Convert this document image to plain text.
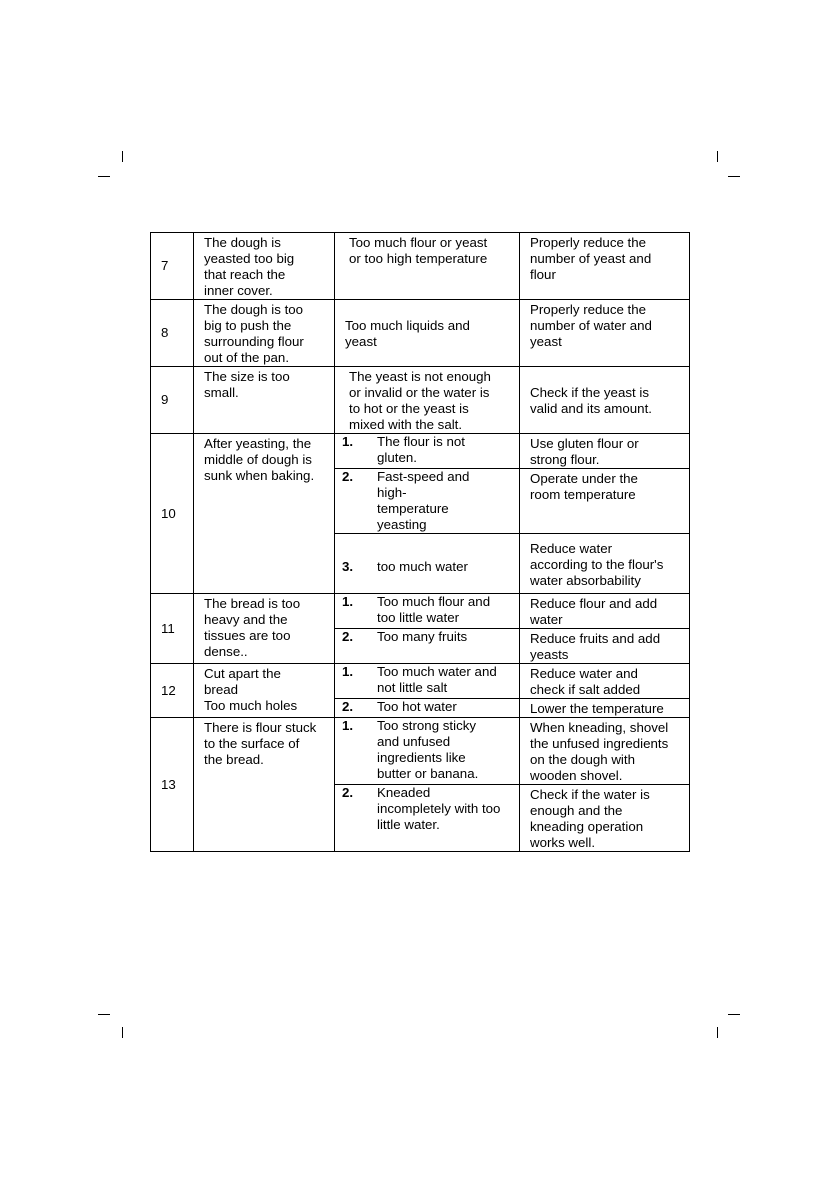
7	The dough is
yeasted too big
that reach the
inner cover.	Too much flour or yeast
or too high temperature	Properly reduce the
number of yeast and
flour

8	The dough is too
big to push the
surrounding flour
out of the pan.	Too much liquids and
yeast	Properly reduce the
number of water and
yeast

9	The size is too
small.	The yeast is not enough
or invalid or the water is
to hot or the yeast is
mixed with the salt.	Check if the yeast is
valid and its amount.

10	After yeasting, the
middle of dough is
sunk when baking.	1. The flour is not
gluten.	Use gluten flour or
strong flour.

		2. Fast-speed and
high-
temperature
yeasting	Operate under the
room temperature

		3. too much water	Reduce water
according to the flour's
water absorbability

11	The bread is too
heavy and the
tissues are too
dense..	1. Too much flour and
too little water	Reduce flour and add
water

		2. Too many fruits	Reduce fruits and add
yeasts

12	Cut apart the
bread
Too much holes	1. Too much water and
not little salt	Reduce water and
check if salt added

		2. Too hot water	Lower the temperature

13	There is flour stuck
to the surface of
the bread.	1. Too strong sticky
and unfused
ingredients like
butter or banana.	When kneading, shovel
the unfused ingredients
on the dough with
wooden shovel.

		2. Kneaded
incompletely with too
little water.	Check if the water is
enough and the
kneading operation
works well.
